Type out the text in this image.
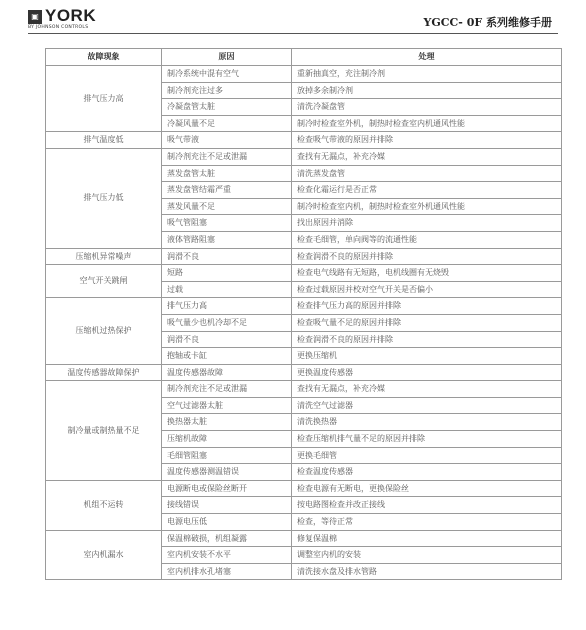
▣ YORK
BY JOHNSON CONTROLS	YGCC- 0F 系列维修手册
故障现象	原因	处理
排气压力高	制冷系统中混有空气	重新抽真空，充注制冷剂
	制冷剂充注过多	放掉多余制冷剂
	冷凝盘管太脏	清洗冷凝盘管
	冷凝风量不足	制冷时检查室外机，制热时检查室内机通风性能
排气温度低	吸气带液	检查吸气带液的原因并排除
排气压力低	制冷剂充注不足或泄漏	查找有无漏点，补充冷媒
	蒸发盘管太脏	清洗蒸发盘管
	蒸发盘管结霜严重	检查化霜运行是否正常
	蒸发风量不足	制冷时检查室内机，制热时检查室外机通风性能
	吸气管阻塞	找出原因并消除
	液体管路阻塞	检查毛细管，单向阀等的流通性能
压缩机异常噪声	润滑不良	检查润滑不良的原因并排除
空气开关跳闸	短路	检查电气线路有无短路，电机线圈有无烧毁
	过载	检查过载原因并校对空气开关是否偏小
压缩机过热保护	排气压力高	检查排气压力高的原因并排除
	吸气量少也机冷却不足	检查吸气量不足的原因并排除
	润滑不良	检查润滑不良的原因并排除
	抱轴或卡缸	更换压缩机
温度传感器故障保护	温度传感器故障	更换温度传感器
制冷量或制热量不足	制冷剂充注不足或泄漏	查找有无漏点，补充冷媒
	空气过滤器太脏	清洗空气过滤器
	换热器太脏	清洗换热器
	压缩机故障	检查压缩机排气量不足的原因并排除
	毛细管阻塞	更换毛细管
	温度传感器测温错误	检查温度传感器
机组不运转	电源断电或保险丝断开	检查电源有无断电，更换保险丝
	接线错误	按电路图检查并改正接线
	电源电压低	检查，等待正常
室内机漏水	保温棉破损，机组凝露	修复保温棉
	室内机安装不水平	调整室内机的安装
	室内机排水孔堵塞	清洗接水盘及排水管路
